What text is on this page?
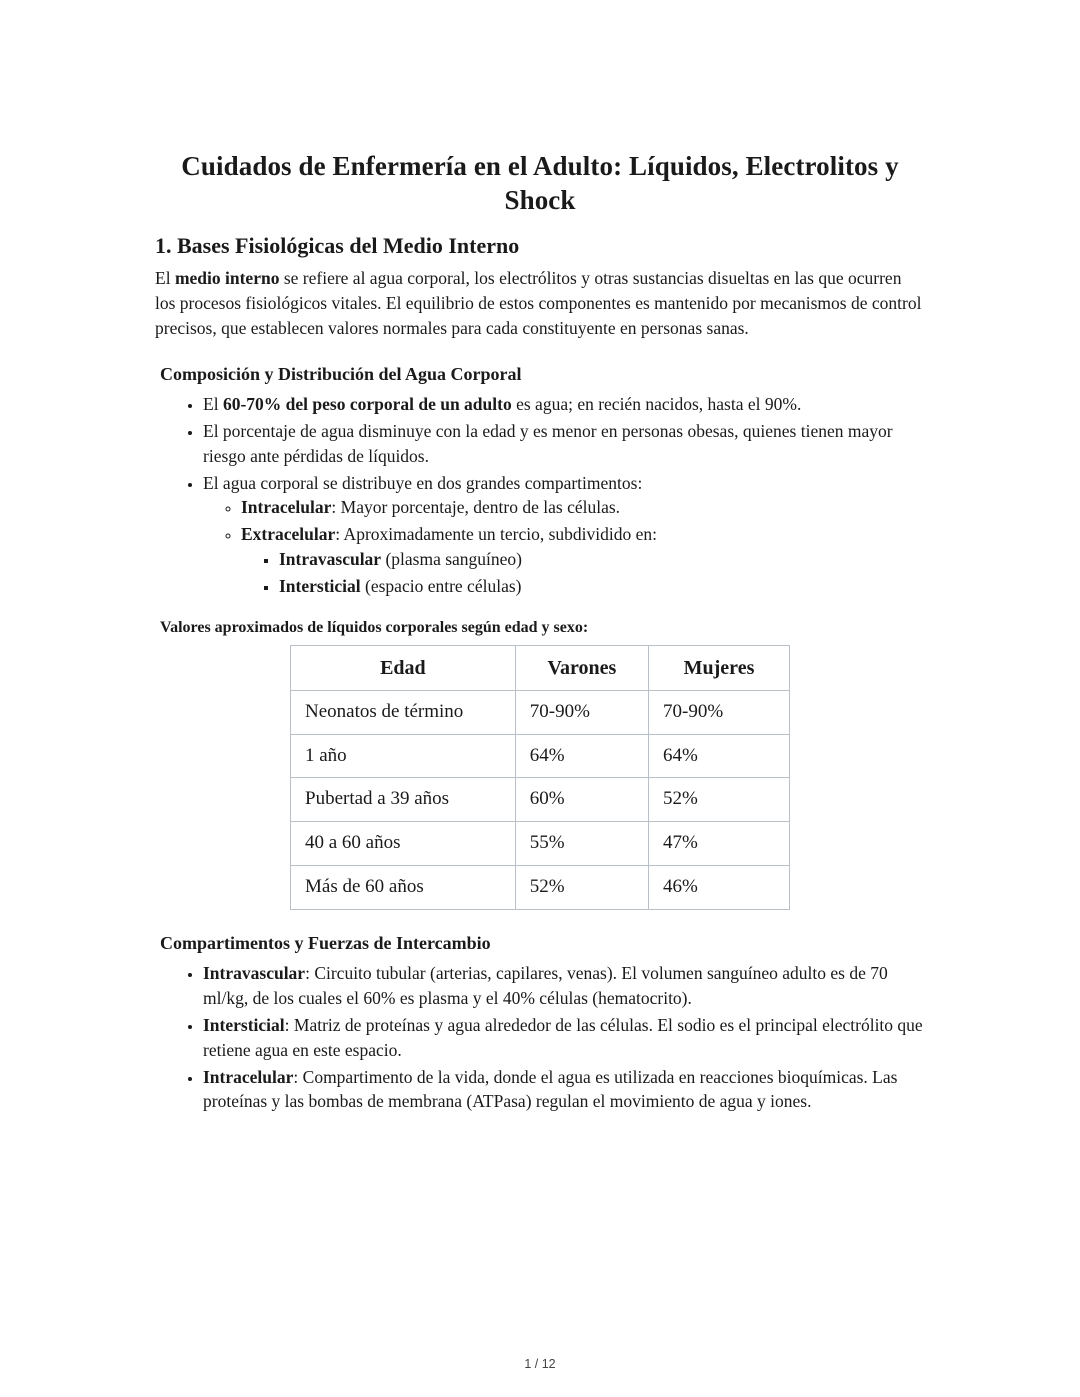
Cuidados de Enfermería en el Adulto: Líquidos, Electrolitos y Shock
1. Bases Fisiológicas del Medio Interno

El medio interno se refiere al agua corporal, los electrólitos y otras sustancias disueltas en las que ocurren los procesos fisiológicos vitales. El equilibrio de estos componentes es mantenido por mecanismos de control precisos, que establecen valores normales para cada constituyente en personas sanas.

Composición y Distribución del Agua Corporal
• El 60-70% del peso corporal de un adulto es agua; en recién nacidos, hasta el 90%.
• El porcentaje de agua disminuye con la edad y es menor en personas obesas, quienes tienen mayor riesgo ante pérdidas de líquidos.
• El agua corporal se distribuye en dos grandes compartimentos:
◦ Intracelular: Mayor porcentaje, dentro de las células.
◦ Extracelular: Aproximadamente un tercio, subdividido en:
▪ Intravascular (plasma sanguíneo)
▪ Intersticial (espacio entre células)
Valores aproximados de líquidos corporales según edad y sexo:
Edad	Varones	Mujeres
Neonatos de término	70-90%	70-90%
1 año	64%	64%
Pubertad a 39 años	60%	52%
40 a 60 años	55%	47%
Más de 60 años	52%	46%
Compartimentos y Fuerzas de Intercambio
• Intravascular: Circuito tubular (arterias, capilares, venas). El volumen sanguíneo adulto es de 70 ml/kg, de los cuales el 60% es plasma y el 40% células (hematocrito).
• Intersticial: Matriz de proteínas y agua alrededor de las células. El sodio es el principal electrólito que retiene agua en este espacio.
• Intracelular: Compartimento de la vida, donde el agua es utilizada en reacciones bioquímicas. Las proteínas y las bombas de membrana (ATPasa) regulan el movimiento de agua y iones.
1 / 12
